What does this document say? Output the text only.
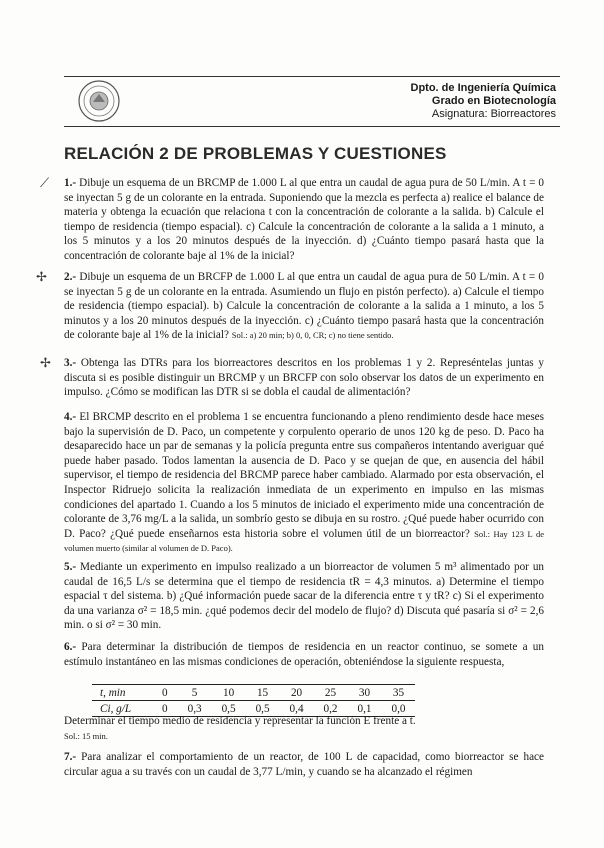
Dpto. de Ingeniería Química
Grado en Biotecnología
Asignatura: Biorreactores
RELACIÓN 2 DE PROBLEMAS Y CUESTIONES

1.- Dibuje un esquema de un BRCMP de 1.000 L al que entra un caudal de agua pura de 50 L/min. A t = 0 se inyectan 5 g de un colorante en la entrada. Suponiendo que la mezcla es perfecta a) realice el balance de materia y obtenga la ecuación que relaciona t con la concentración de colorante a la salida. b) Calcule el tiempo de residencia (tiempo espacial). c) Calcule la concentración de colorante a la salida a 1 minuto, a los 5 minutos y a los 20 minutos después de la inyección. d) ¿Cuánto tiempo pasará hasta que la concentración de colorante baje al 1% de la inicial?

2.- Dibuje un esquema de un BRCFP de 1.000 L al que entra un caudal de agua pura de 50 L/min. A t = 0 se inyectan 5 g de un colorante en la entrada. Asumiendo un flujo en pistón perfecto). a) Calcule el tiempo de residencia (tiempo espacial). b) Calcule la concentración de colorante a la salida a 1 minuto, a los 5 minutos y a los 20 minutos después de la inyección. c) ¿Cuánto tiempo pasará hasta que la concentración de colorante baje al 1% de la inicial? Sol.: a) 20 min; b) 0, 0, CR; c) no tiene sentido.

3.- Obtenga las DTRs para los biorreactores descritos en los problemas 1 y 2. Represéntelas juntas y discuta si es posible distinguir un BRCMP y un BRCFP con solo observar los datos de un experimento en impulso. ¿Cómo se modifican las DTR si se dobla el caudal de alimentación?

4.- El BRCMP descrito en el problema 1 se encuentra funcionando a pleno rendimiento desde hace meses bajo la supervisión de D. Paco, un competente y corpulento operario de unos 120 kg de peso. D. Paco ha desaparecido hace un par de semanas y la policía pregunta entre sus compañeros intentando averiguar qué puede haber pasado. Todos lamentan la ausencia de D. Paco y se quejan de que, en ausencia del hábil supervisor, el tiempo de residencia del BRCMP parece haber cambiado. Alarmado por esta observación, el Inspector Ridruejo solicita la realización inmediata de un experimento en impulso en las mismas condiciones del apartado 1. Cuando a los 5 minutos de iniciado el experimento mide una concentración de colorante de 3,76 mg/L a la salida, un sombrío gesto se dibuja en su rostro. ¿Qué puede haber ocurrido con D. Paco? ¿Qué puede enseñarnos esta historia sobre el volumen útil de un biorreactor? Sol.: Hay 123 L de volumen muerto (similar al volumen de D. Paco).

5.- Mediante un experimento en impulso realizado a un biorreactor de volumen 5 m³ alimentado por un caudal de 16,5 L/s se determina que el tiempo de residencia tR = 4,3 minutos. a) Determine el tiempo espacial τ del sistema. b) ¿Qué información puede sacar de la diferencia entre τ y tR? c) Si el experimento da una varianza σ² = 18,5 min. ¿qué podemos decir del modelo de flujo? d) Discuta qué pasaría si σ² = 2,6 min. o si σ² = 30 min.

6.- Para determinar la distribución de tiempos de residencia en un reactor continuo, se somete a un estímulo instantáneo en las mismas condiciones de operación, obteniéndose la siguiente respuesta,

t, min	0	5	10	15	20	25	30	35
Ci, g/L	0	0,3	0,5	0,5	0,4	0,2	0,1	0,0

Determinar el tiempo medio de residencia y representar la función E frente a t.
Sol.: 15 min.

7.- Para analizar el comportamiento de un reactor, de 100 L de capacidad, como biorreactor se hace circular agua a su través con un caudal de 3,77 L/min, y cuando se ha alcanzado el régimen

⟋
✢
✢
